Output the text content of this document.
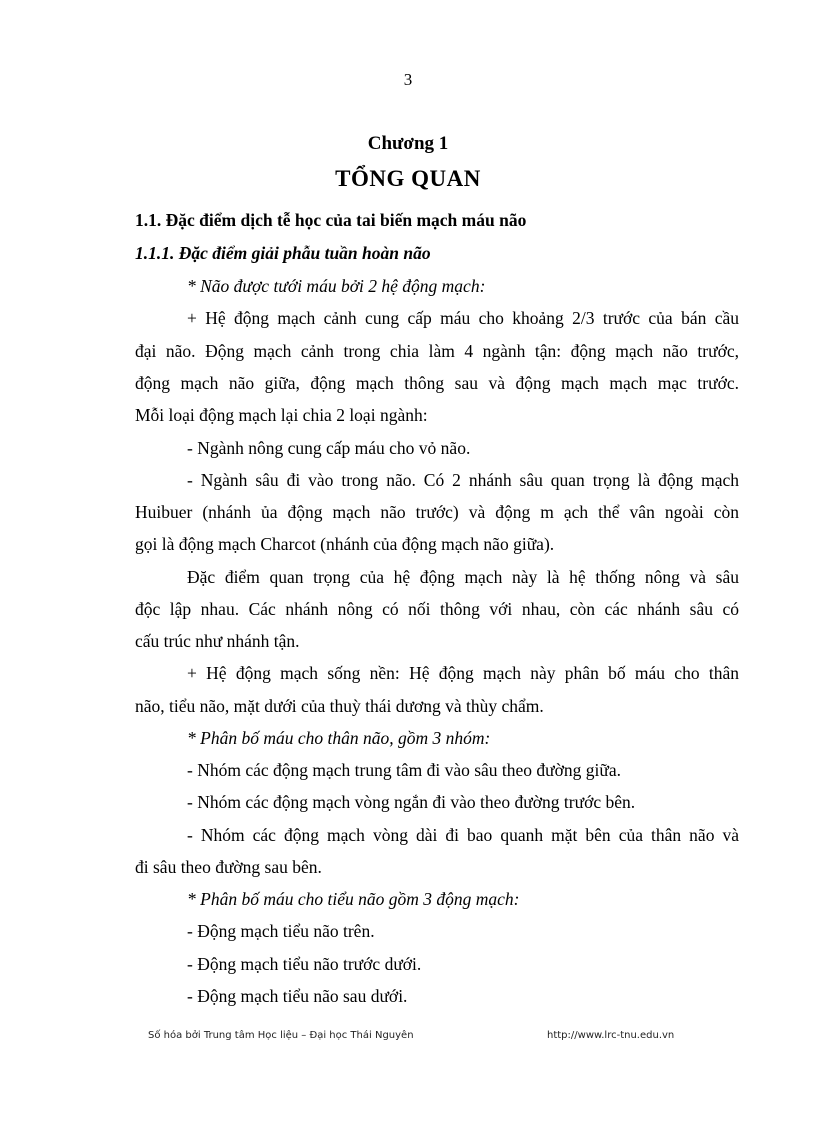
3
Chương 1
TỔNG QUAN
1.1. Đặc điểm dịch tễ học của tai biến mạch máu não
1.1.1. Đặc điểm giải phẫu tuần hoàn não
* Não được tưới máu bởi 2 hệ động mạch:
+ Hệ động mạch cảnh cung cấp máu cho khoảng 2/3 trước của bán cầu
đại não. Động mạch cảnh trong chia làm 4 ngành tận: động mạch não trước,
động mạch não giữa, động mạch thông sau và động mạch mạch mạc trước.
Mỗi loại động mạch lại chia 2 loại ngành:
- Ngành nông cung cấp máu cho vỏ não.
- Ngành sâu đi vào trong não. Có 2 nhánh sâu quan trọng là động mạch
Huibuer (nhánh ủa động mạch não trước) và động m ạch thể vân ngoài còn
gọi là động mạch Charcot (nhánh của động mạch não giữa).
Đặc điểm quan trọng của hệ động mạch này là hệ thống nông và sâu
độc lập nhau. Các nhánh nông có nối thông với nhau, còn các nhánh sâu có
cấu trúc như nhánh tận.
+ Hệ động mạch sống nền: Hệ động mạch này phân bố máu cho thân
não, tiểu não, mặt dưới của thuỳ thái dương và thùy chẩm.
* Phân bố máu cho thân não, gồm 3 nhóm:
- Nhóm các động mạch trung tâm đi vào sâu theo đường giữa.
- Nhóm các động mạch vòng ngắn đi vào theo đường trước bên.
- Nhóm các động mạch vòng dài đi bao quanh mặt bên của thân não và
đi sâu theo đường sau bên.
* Phân bố máu cho tiểu não gồm 3 động mạch:
- Động mạch tiểu não trên.
- Động mạch tiểu não trước dưới.
- Động mạch tiểu não sau dưới.
Số hóa bởi Trung tâm Học liệu – Đại học Thái Nguyên	http://www.lrc-tnu.edu.vn
